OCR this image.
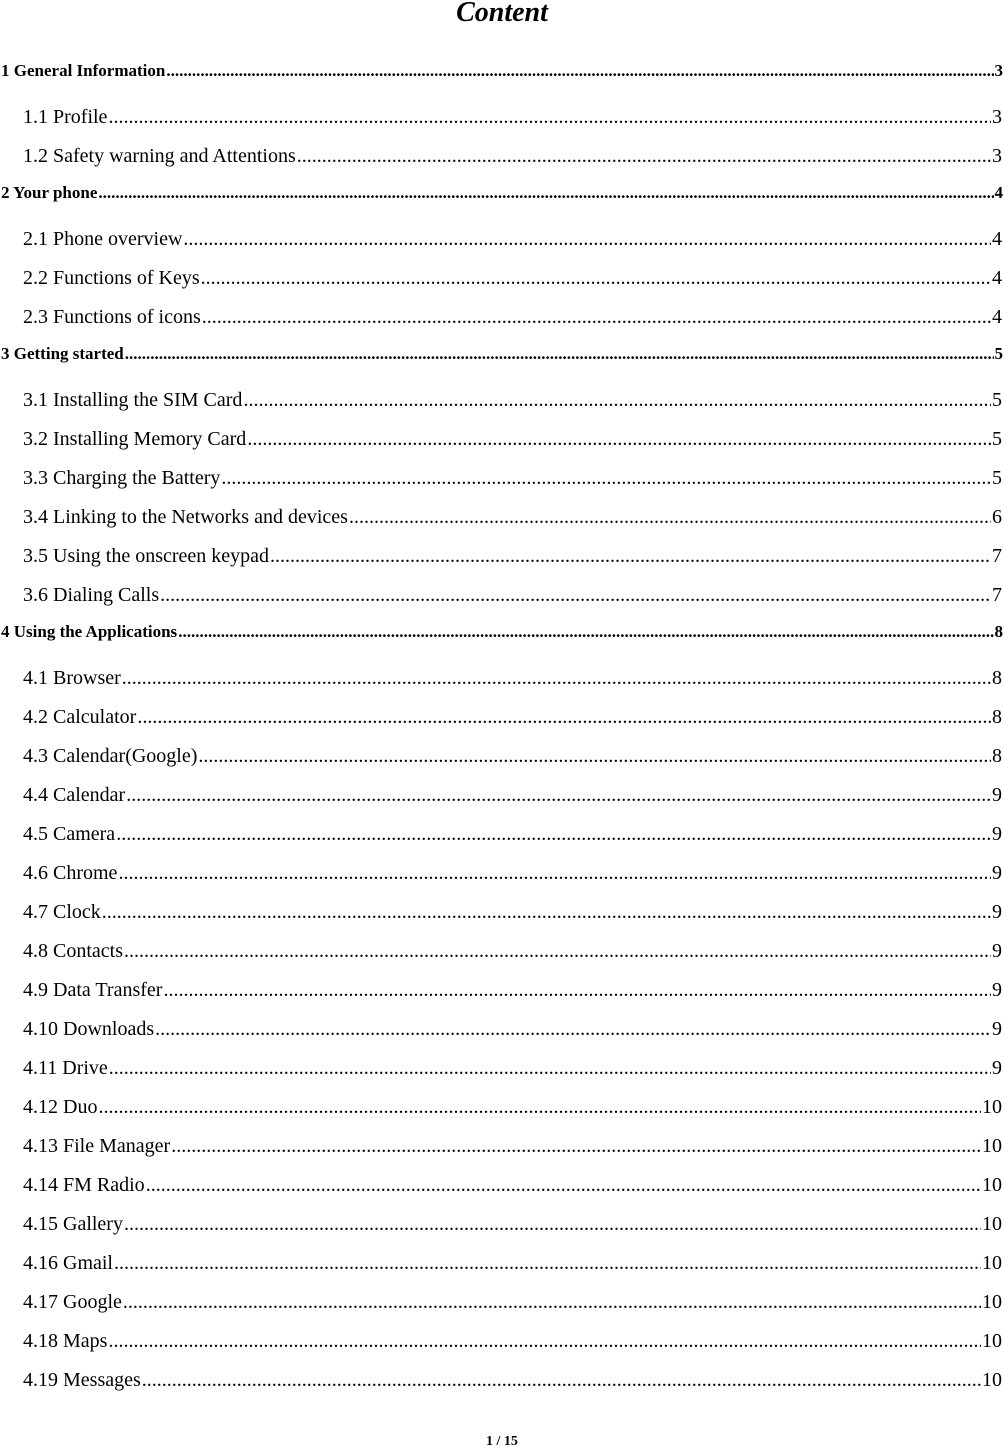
Content
1 General Information .....	3
1.1 Profile .....	3
1.2 Safety warning and Attentions .....	3
2 Your phone .....	4
2.1 Phone overview .....	4
2.2 Functions of Keys .....	4
2.3 Functions of icons .....	4
3 Getting started .....	5
3.1 Installing the SIM Card .....	5
3.2 Installing Memory Card .....	5
3.3 Charging the Battery .....	5
3.4 Linking to the Networks and devices .....	6
3.5 Using the onscreen keypad .....	7
3.6 Dialing Calls .....	7
4 Using the Applications .....	8
4.1 Browser .....	8
4.2 Calculator .....	8
4.3 Calendar(Google) .....	8
4.4 Calendar .....	9
4.5 Camera .....	9
4.6 Chrome .....	9
4.7 Clock .....	9
4.8 Contacts .....	9
4.9 Data Transfer .....	9
4.10 Downloads .....	9
4.11 Drive .....	9
4.12 Duo .....	10
4.13 File Manager .....	10
4.14 FM Radio .....	10
4.15 Gallery .....	10
4.16 Gmail .....	10
4.17 Google .....	10
4.18 Maps .....	10
4.19 Messages .....	10
1 / 15
